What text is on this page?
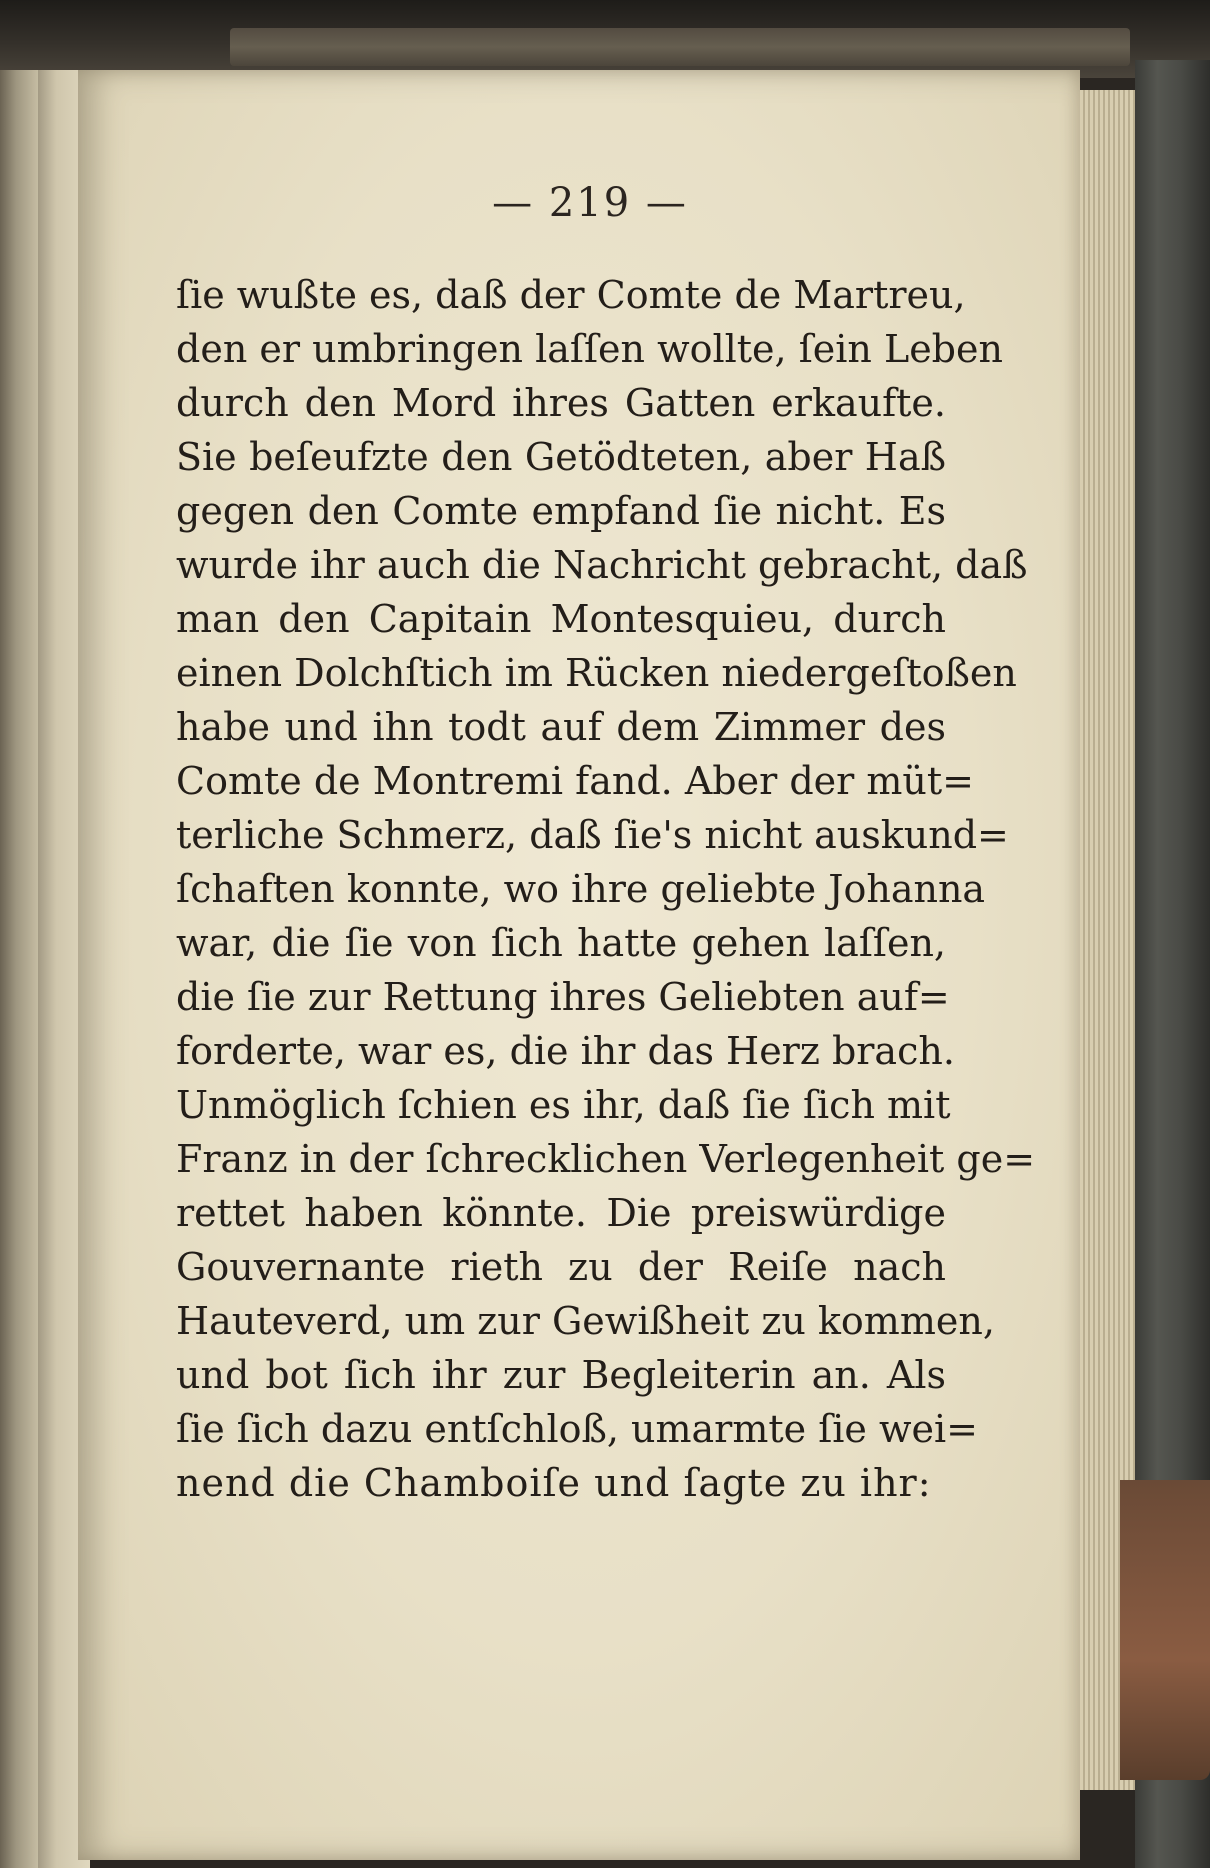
— 219 —
ſie wußte es, daß der Comte de Martreu,
den er umbringen laſſen wollte, ſein Leben
durch den Mord ihres Gatten erkaufte.
Sie beſeufzte den Getödteten, aber Haß
gegen den Comte empfand ſie nicht. Es
wurde ihr auch die Nachricht gebracht, daß
man den Capitain Montesquieu, durch
einen Dolchſtich im Rücken niedergeſtoßen
habe und ihn todt auf dem Zimmer des
Comte de Montremi fand. Aber der müt=
terliche Schmerz, daß ſie's nicht auskund=
ſchaften konnte, wo ihre geliebte Johanna
war, die ſie von ſich hatte gehen laſſen,
die ſie zur Rettung ihres Geliebten auf=
forderte, war es, die ihr das Herz brach.
Unmöglich ſchien es ihr, daß ſie ſich mit
Franz in der ſchrecklichen Verlegenheit ge=
rettet haben könnte. Die preiswürdige
Gouvernante rieth zu der Reiſe nach
Hauteverd, um zur Gewißheit zu kommen,
und bot ſich ihr zur Begleiterin an. Als
ſie ſich dazu entſchloß, umarmte ſie wei=
nend die Chamboiſe und ſagte zu ihr:
